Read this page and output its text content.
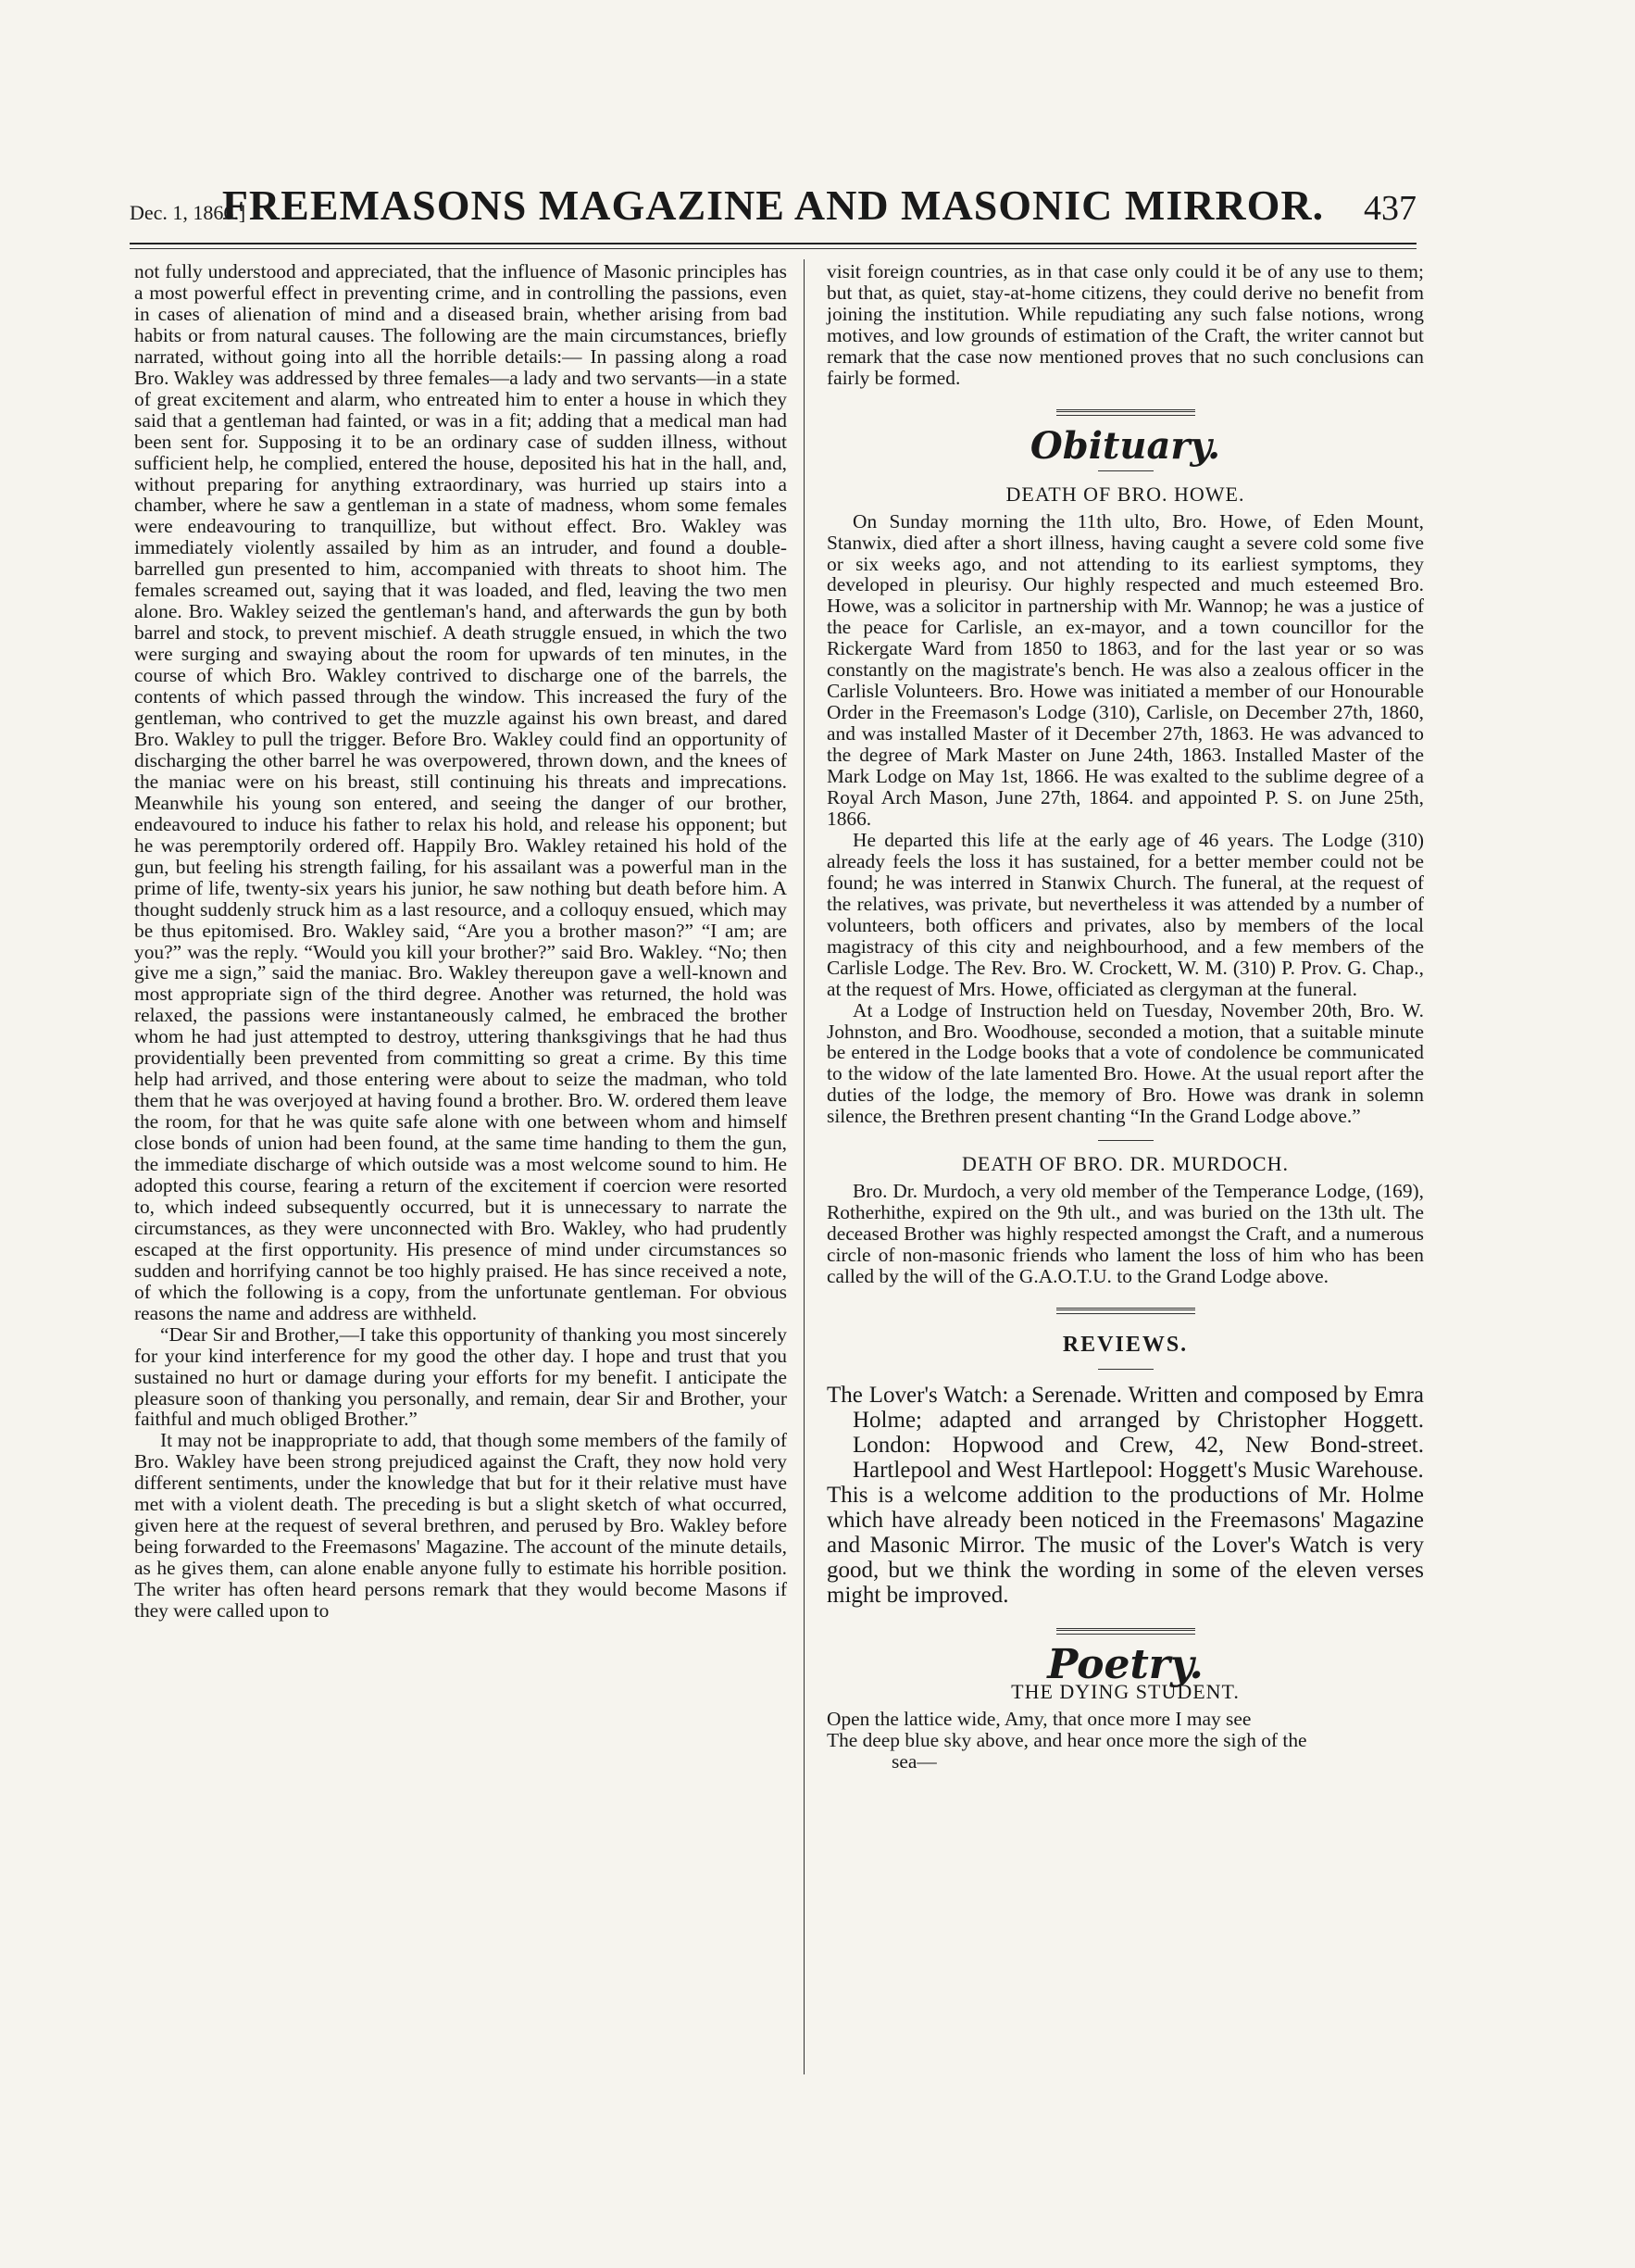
Dec. 1, 1866.]
FREEMASONS MAGAZINE AND MASONIC MIRROR.	437

not fully understood and appreciated, that the influence of Masonic principles has a most powerful effect in preventing crime, and in controlling the passions, even in cases of alienation of mind and a diseased brain, whether arising from bad habits or from natural causes. The following are the main circumstances, briefly narrated, without going into all the horrible details:— In passing along a road Bro. Wakley was addressed by three females—a lady and two servants—in a state of great excitement and alarm, who entreated him to enter a house in which they said that a gentleman had fainted, or was in a fit; adding that a medical man had been sent for. Supposing it to be an ordinary case of sudden illness, without sufficient help, he complied, entered the house, deposited his hat in the hall, and, without preparing for anything extraordinary, was hurried up stairs into a chamber, where he saw a gentleman in a state of madness, whom some females were endeavouring to tranquillize, but without effect. Bro. Wakley was immediately violently assailed by him as an intruder, and found a double-barrelled gun presented to him, accompanied with threats to shoot him. The females screamed out, saying that it was loaded, and fled, leaving the two men alone. Bro. Wakley seized the gentleman's hand, and afterwards the gun by both barrel and stock, to prevent mischief. A death struggle ensued, in which the two were surging and swaying about the room for upwards of ten minutes, in the course of which Bro. Wakley contrived to discharge one of the barrels, the contents of which passed through the window. This increased the fury of the gentleman, who contrived to get the muzzle against his own breast, and dared Bro. Wakley to pull the trigger. Before Bro. Wakley could find an opportunity of discharging the other barrel he was overpowered, thrown down, and the knees of the maniac were on his breast, still continuing his threats and imprecations. Meanwhile his young son entered, and seeing the danger of our brother, endeavoured to induce his father to relax his hold, and release his opponent; but he was peremptorily ordered off. Happily Bro. Wakley retained his hold of the gun, but feeling his strength failing, for his assailant was a powerful man in the prime of life, twenty-six years his junior, he saw nothing but death before him. A thought suddenly struck him as a last resource, and a colloquy ensued, which may be thus epitomised. Bro. Wakley said, “Are you a brother mason?” “I am; are you?” was the reply. “Would you kill your brother?” said Bro. Wakley. “No; then give me a sign,” said the maniac. Bro. Wakley thereupon gave a well-known and most appropriate sign of the third degree. Another was returned, the hold was relaxed, the passions were instantaneously calmed, he embraced the brother whom he had just attempted to destroy, uttering thanksgivings that he had thus providentially been prevented from committing so great a crime. By this time help had arrived, and those entering were about to seize the madman, who told them that he was overjoyed at having found a brother. Bro. W. ordered them leave the room, for that he was quite safe alone with one between whom and himself close bonds of union had been found, at the same time handing to them the gun, the immediate discharge of which outside was a most welcome sound to him. He adopted this course, fearing a return of the excitement if coercion were resorted to, which indeed subsequently occurred, but it is unnecessary to narrate the circumstances, as they were unconnected with Bro. Wakley, who had prudently escaped at the first opportunity. His presence of mind under circumstances so sudden and horrifying cannot be too highly praised. He has since received a note, of which the following is a copy, from the unfortunate gentleman. For obvious reasons the name and address are withheld.

“Dear Sir and Brother,—I take this opportunity of thanking you most sincerely for your kind interference for my good the other day. I hope and trust that you sustained no hurt or damage during your efforts for my benefit. I anticipate the pleasure soon of thanking you personally, and remain, dear Sir and Brother, your faithful and much obliged Brother.”

It may not be inappropriate to add, that though some members of the family of Bro. Wakley have been strong prejudiced against the Craft, they now hold very different sentiments, under the knowledge that but for it their relative must have met with a violent death. The preceding is but a slight sketch of what occurred, given here at the request of several brethren, and perused by Bro. Wakley before being forwarded to the Freemasons' Magazine. The account of the minute details, as he gives them, can alone enable anyone fully to estimate his horrible position. The writer has often heard persons remark that they would become Masons if they were called upon to

visit foreign countries, as in that case only could it be of any use to them; but that, as quiet, stay-at-home citizens, they could derive no benefit from joining the institution. While repudiating any such false notions, wrong motives, and low grounds of estimation of the Craft, the writer cannot but remark that the case now mentioned proves that no such conclusions can fairly be formed.

Obituary.
DEATH OF BRO. HOWE.

On Sunday morning the 11th ulto, Bro. Howe, of Eden Mount, Stanwix, died after a short illness, having caught a severe cold some five or six weeks ago, and not attending to its earliest symptoms, they developed in pleurisy. Our highly respected and much esteemed Bro. Howe, was a solicitor in partnership with Mr. Wannop; he was a justice of the peace for Carlisle, an ex-mayor, and a town councillor for the Rickergate Ward from 1850 to 1863, and for the last year or so was constantly on the magistrate's bench. He was also a zealous officer in the Carlisle Volunteers. Bro. Howe was initiated a member of our Honourable Order in the Freemason's Lodge (310), Carlisle, on December 27th, 1860, and was installed Master of it December 27th, 1863. He was advanced to the degree of Mark Master on June 24th, 1863. Installed Master of the Mark Lodge on May 1st, 1866. He was exalted to the sublime degree of a Royal Arch Mason, June 27th, 1864. and appointed P. S. on June 25th, 1866.

He departed this life at the early age of 46 years. The Lodge (310) already feels the loss it has sustained, for a better member could not be found; he was interred in Stanwix Church. The funeral, at the request of the relatives, was private, but nevertheless it was attended by a number of volunteers, both officers and privates, also by members of the local magistracy of this city and neighbourhood, and a few members of the Carlisle Lodge. The Rev. Bro. W. Crockett, W. M. (310) P. Prov. G. Chap., at the request of Mrs. Howe, officiated as clergyman at the funeral.

At a Lodge of Instruction held on Tuesday, November 20th, Bro. W. Johnston, and Bro. Woodhouse, seconded a motion, that a suitable minute be entered in the Lodge books that a vote of condolence be communicated to the widow of the late lamented Bro. Howe. At the usual report after the duties of the lodge, the memory of Bro. Howe was drank in solemn silence, the Brethren present chanting “In the Grand Lodge above.”

DEATH OF BRO. DR. MURDOCH.

Bro. Dr. Murdoch, a very old member of the Temperance Lodge, (169), Rotherhithe, expired on the 9th ult., and was buried on the 13th ult. The deceased Brother was highly respected amongst the Craft, and a numerous circle of non-masonic friends who lament the loss of him who has been called by the will of the G.A.O.T.U. to the Grand Lodge above.

REVIEWS.

The Lover's Watch: a Serenade. Written and composed by Emra Holme; adapted and arranged by Christopher Hoggett. London: Hopwood and Crew, 42, New Bond-street. Hartlepool and West Hartlepool: Hoggett's Music Warehouse.

This is a welcome addition to the productions of Mr. Holme which have already been noticed in the Freemasons' Magazine and Masonic Mirror. The music of the Lover's Watch is very good, but we think the wording in some of the eleven verses might be improved.

Poetry.
THE DYING STUDENT.

Open the lattice wide, Amy, that once more I may see

The deep blue sky above, and hear once more the sigh of the

sea—
